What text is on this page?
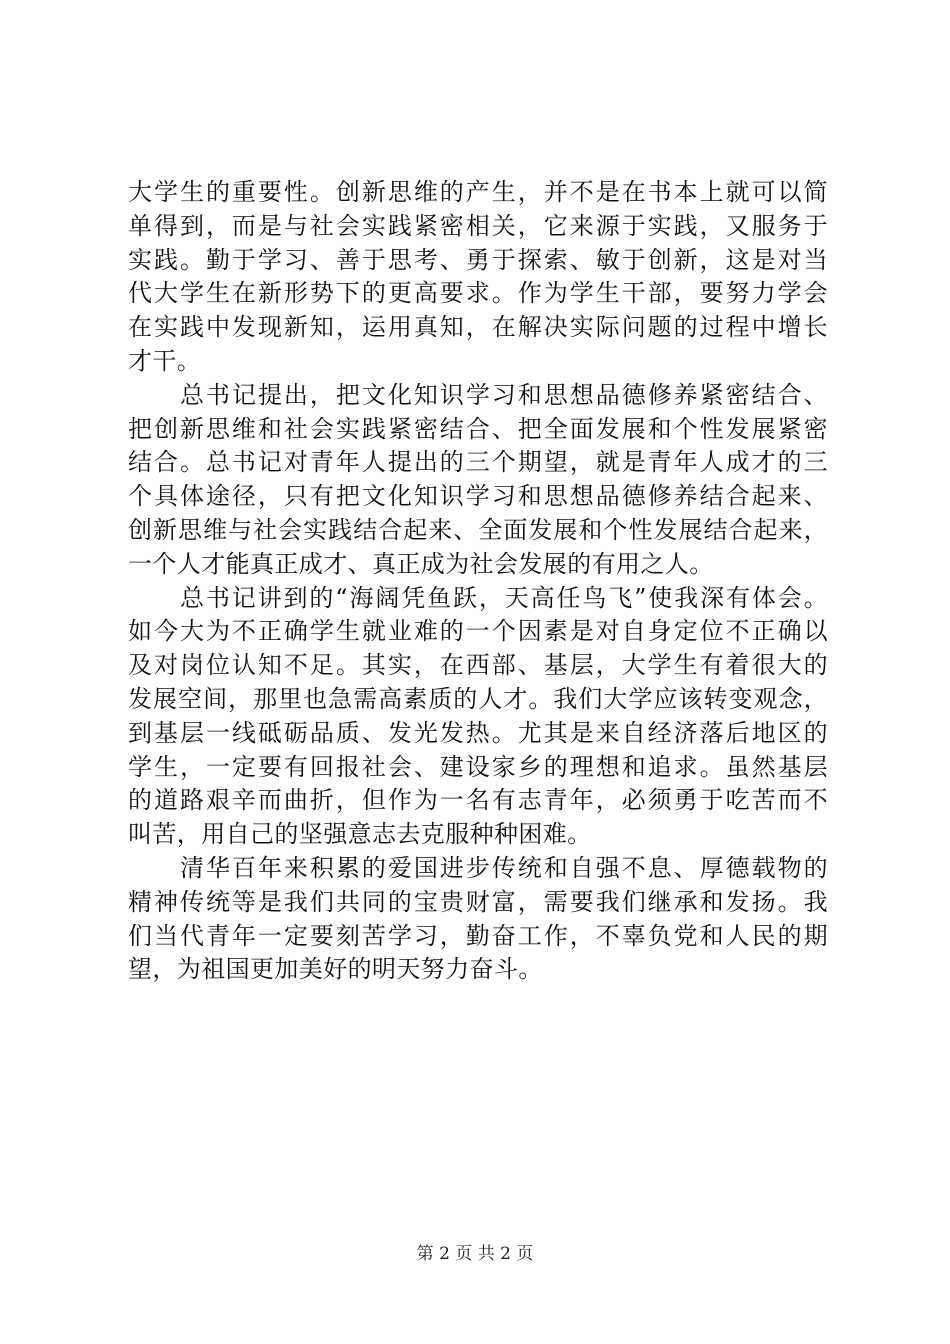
大学生的重要性。创新思维的产生，并不是在书本上就可以简
单得到，而是与社会实践紧密相关，它来源于实践，又服务于
实践。勤于学习、善于思考、勇于探索、敏于创新，这是对当
代大学生在新形势下的更高要求。作为学生干部，要努力学会
在实践中发现新知，运用真知，在解决实际问题的过程中增长
才干。
总书记提出，把文化知识学习和思想品德修养紧密结合、
把创新思维和社会实践紧密结合、把全面发展和个性发展紧密
结合。总书记对青年人提出的三个期望，就是青年人成才的三
个具体途径，只有把文化知识学习和思想品德修养结合起来、
创新思维与社会实践结合起来、全面发展和个性发展结合起来，
一个人才能真正成才、真正成为社会发展的有用之人。
总书记讲到的“海阔凭鱼跃，天高任鸟飞”使我深有体会。
如今大为不正确学生就业难的一个因素是对自身定位不正确以
及对岗位认知不足。其实，在西部、基层，大学生有着很大的
发展空间，那里也急需高素质的人才。我们大学应该转变观念，
到基层一线砥砺品质、发光发热。尤其是来自经济落后地区的
学生，一定要有回报社会、建设家乡的理想和追求。虽然基层
的道路艰辛而曲折，但作为一名有志青年，必须勇于吃苦而不
叫苦，用自己的坚强意志去克服种种困难。
清华百年来积累的爱国进步传统和自强不息、厚德载物的
精神传统等是我们共同的宝贵财富，需要我们继承和发扬。我
们当代青年一定要刻苦学习，勤奋工作，不辜负党和人民的期
望，为祖国更加美好的明天努力奋斗。
第 2 页 共 2 页
